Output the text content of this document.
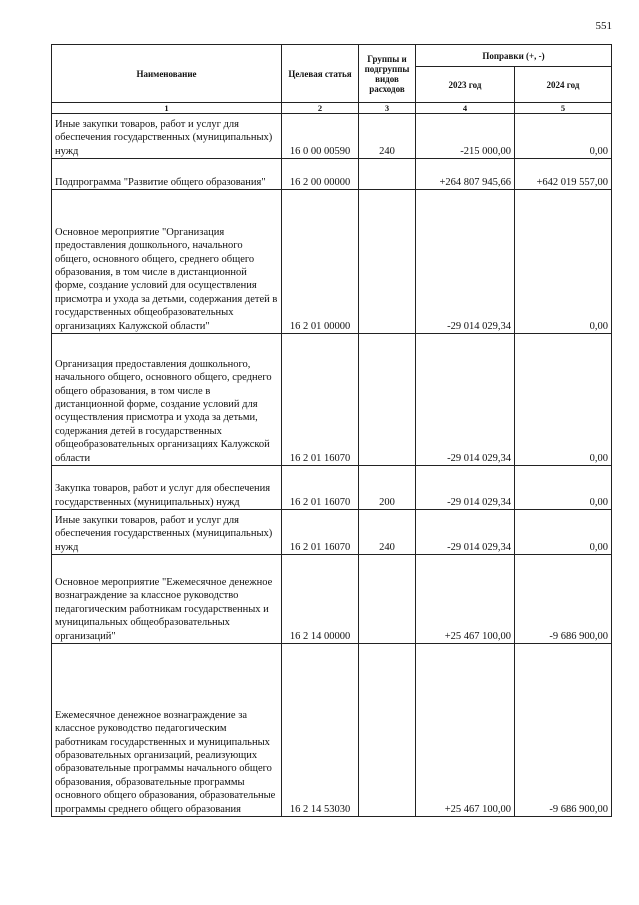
551
Наименование	Целевая статья	Группы и подгруппы видов расходов	Поправки (+, -)	
			2023 год	2024 год
1	2	3	4	5
Иные закупки товаров, работ и услуг для обеспечения государственных (муниципальных) нужд	16 0 00 00590	240	-215 000,00	0,00
Подпрограмма "Развитие общего образования"	16 2 00 00000		+264 807 945,66	+642 019 557,00
Основное мероприятие "Организация предоставления дошкольного, начального общего, основного общего, среднего общего образования, в том числе в дистанционной форме, создание условий для осуществления присмотра и ухода за детьми, содержания детей в государственных общеобразовательных организациях Калужской области"	16 2 01 00000		-29 014 029,34	0,00
Организация предоставления дошкольного, начального общего, основного общего, среднего общего образования, в том числе в дистанционной форме, создание условий для осуществления присмотра и ухода за детьми, содержания детей в государственных общеобразовательных организациях Калужской области	16 2 01 16070		-29 014 029,34	0,00
Закупка товаров, работ и услуг для обеспечения государственных (муниципальных) нужд	16 2 01 16070	200	-29 014 029,34	0,00
Иные закупки товаров, работ и услуг для обеспечения государственных (муниципальных) нужд	16 2 01 16070	240	-29 014 029,34	0,00
Основное мероприятие "Ежемесячное денежное вознаграждение за классное руководство педагогическим работникам государственных и муниципальных общеобразовательных организаций"	16 2 14 00000		+25 467 100,00	-9 686 900,00
Ежемесячное денежное вознаграждение за классное руководство педагогическим работникам государственных и муниципальных образовательных организаций, реализующих образовательные программы начального общего образования, образовательные программы основного общего образования, образовательные программы среднего общего образования	16 2 14 53030		+25 467 100,00	-9 686 900,00
